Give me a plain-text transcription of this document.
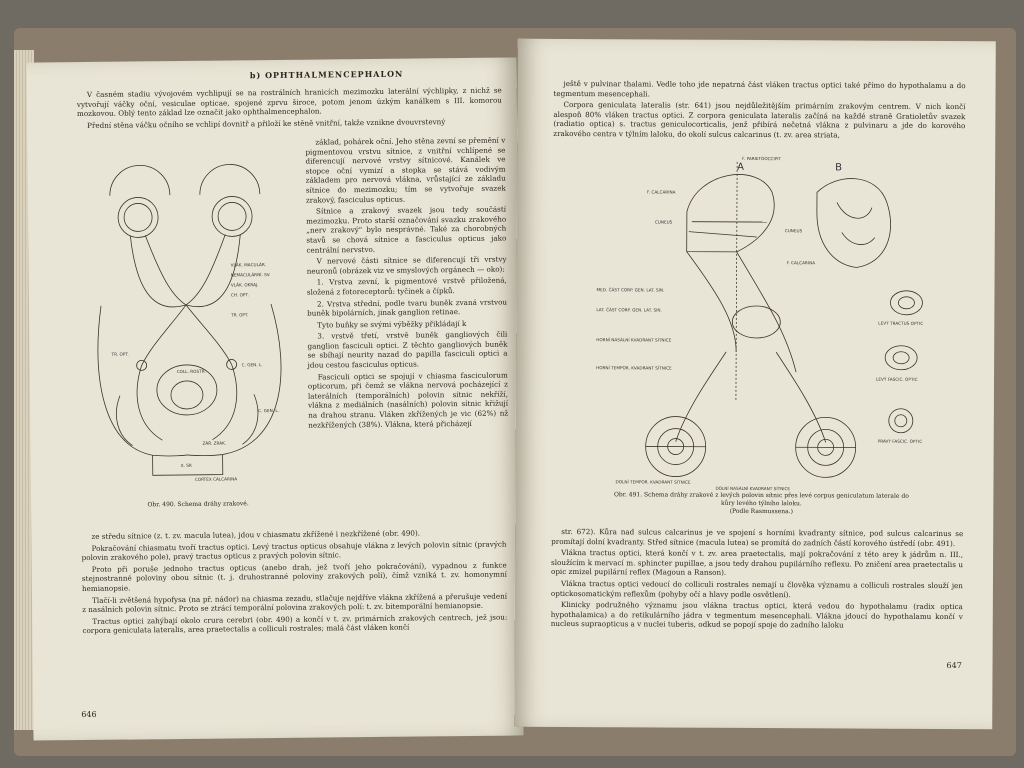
b) OPHTHALMENCEPHALON

V časném stadiu vývojovém vychlipují se na rostrálních hranicích mezimozku laterální výchlipky, z nichž se vytvořují váčky oční, vesiculae opticae, spojené zprvu široce, potom jenom úzkým kanálkem s III. komorou mozkovou. Oblý tento základ lze označit jako ophthalmencephalon.

Přední stěna váčku očního se vchlipí dovnitř a přiloží ke stěně vnitřní, takže vznikne dvouvrstevný

VLÁK. MACULÁR.
NEMACULÁRNÍ. SV.
VLÁK. OKRAJ.
CH. OPT.
TR. OPT.
C. GEN. L.
TR. OPT.
COLL. ROSTR.
C. GEN. L.
ZÁŘ. ZRAK.
CORTEX CALCARINA
X. SR
Obr. 490. Schema dráhy zrakové.

základ, pohárek oční. Jeho stěna zevní se přemění v pigmentovou vrstvu sítnice, z vnitřní vchlípené se diferencují nervové vrstvy sítnicové. Kanálek ve stopce oční vymizí a stopka se stává vodivým základem pro nervová vlákna, vrůstající ze základu sítnice do mezimozku; tím se vytvořuje svazek zrakový, fasciculus opticus.

Sítnice a zrakový svazek jsou tedy součástí mezimozku. Proto starší označování svazku zrakového „nerv zrakový" bylo nesprávné. Také za chorobných stavů se chová sítnice a fasciculus opticus jako centrální nervstvo.

V nervové části sítnice se diferencují tři vrstvy neuronů (obrázek viz ve smyslových orgánech — oko):

1. Vrstva zevní, k pigmentové vrstvě přiložená, složená z fotoreceptorů: tyčinek a čípků.

2. Vrstva střední, podle tvaru buněk zvaná vrstvou buněk bipolárních, jinak ganglion retinae.

Tyto buňky se svými výběžky přikládají k

3. vrstvě třetí, vrstvě buněk gangliových čili ganglion fasciculi optici. Z těchto gangliových buněk se sbíhají neurity nazad do papilla fasciculi optici a jdou cestou fasciculus opticus.

Fasciculi optici se spojují v chiasma fasciculorum opticorum, při čemž se vlákna nervová pocházející z laterálních (temporálních) polovin sítnic nekříží, vlákna z mediálních (nasálních) polovin sítnic křižují na drahou stranu. Vláken zkřížených je vic (62%) nž nezkřížených (38%). Vlákna, která přicházejí

ze středu sítnice (z. t. zv. macula lutea), jdou v chiasmatu zkřížené i nezkřížené (obr. 490).

Pokračování chiasmatu tvoří tractus optici. Levý tractus opticus obsahuje vlákna z levých polovin sítnic (pravých polovin zrakového pole), pravý tractus opticus z pravých polovin sítnic.

Proto při poruše jednoho tractus opticus (anebo drah, jež tvoří jeho pokračování), vypadnou z funkce stejnostranné poloviny obou sítnic (t. j. druhostranné poloviny zrakových polí), čímž vzniká t. zv. homonymní hemianopsie.

Tlačí-li zvětšená hypofysa (na př. nádor) na chiasma zezadu, stlačuje nejdříve vlákna zkřížená a přerušuje vedení z nasálních polovin sítnic. Proto se ztrácí temporální polovina zrakových polí: t. zv. bitemporální hemianopsie.

Tractus optici zahýbají okolo crura cerebri (obr. 490) a končí v t. zv. primárních zrakových centrech, jež jsou: corpora geniculata lateralis, area praetectalis a colliculi rostrales; malá část vláken končí

646

ještě v pulvinar thalami. Vedle toho jde nepatrná část vláken tractus optici také přímo do hypothalamu a do tegmentum mesencephali.

Corpora geniculata lateralis (str. 641) jsou nejdůležitějším primárním zrakovým centrem. V nich končí alespoň 80% vláken tractus optici. Z corpora geniculata lateralis začíná na každé straně Gratioletův svazek (radiatio optica) s. tractus geniculocorticalis, jenž přibírá nečetná vlákna z pulvinaru a jde do korového zrakového centra v týlním laloku, do okolí sulcus calcarinus (t. zv. area striata,

A	B
F. PARIETOOCCIPIT
F. CALCARINA
CUNEUS
CUNEUS
F. CALCARINA
MED. ČÁST CORP. GEN. LAT. SIN.
LAT. ČÁST CORP. GEN. LAT. SIN.
LEVÝ TRACTUS OPTIC
HORNÍ NASÁLNÍ KVADRANT SÍTNICE
HORNÍ TEMPOR. KVADRANT SÍTNICE
LEVÝ FASCIC. OPTIC
PRAVÝ FASCIC. OPTIC
DOLNÍ TEMPOR. KVADRANT SÍTNICE
DOLNÍ NASÁLNÍ KVADRANT SÍTNICE
Obr. 491. Schema dráhy zrakové z levých polovin sítnic přes levé corpus geniculatum laterale do kůry levého týlního laloku.
(Podle Rasmussena.)

str. 672). Kůra nad sulcus calcarinus je ve spojení s horními kvadranty sítnice, pod sulcus calcarinus se promítají dolní kvadranty. Střed sítnice (macula lutea) se promítá do zadních částí korového ústředí (obr. 491).

Vlákna tractus optici, která končí v t. zv. area praetectalis, mají pokračování z této arey k jádrům n. III., sloužícím k mervací m. sphincter pupillae, a jsou tedy drahou pupilárního reflexu. Po zničení area praetectalis u opic zmizel pupilární reflex (Magoun a Ranson).

Vlákna tractus optici vedoucí do colliculi rostrales nemají u člověka významu a colliculi rostrales slouží jen optickosomatickým reflexům (pohyby očí a hlavy podle osvětlení).

Klinicky podružného významu jsou vlákna tractus optici, která vedou do hypothalamu (radix optica hypothalamica) a do retikulárního jádra v tegmentum mesencephali. Vlákna jdoucí do hypothalamu končí v nucleus supraopticus a v nuclei tuberis, odkud se popojí spoje do zadního laloku

647
